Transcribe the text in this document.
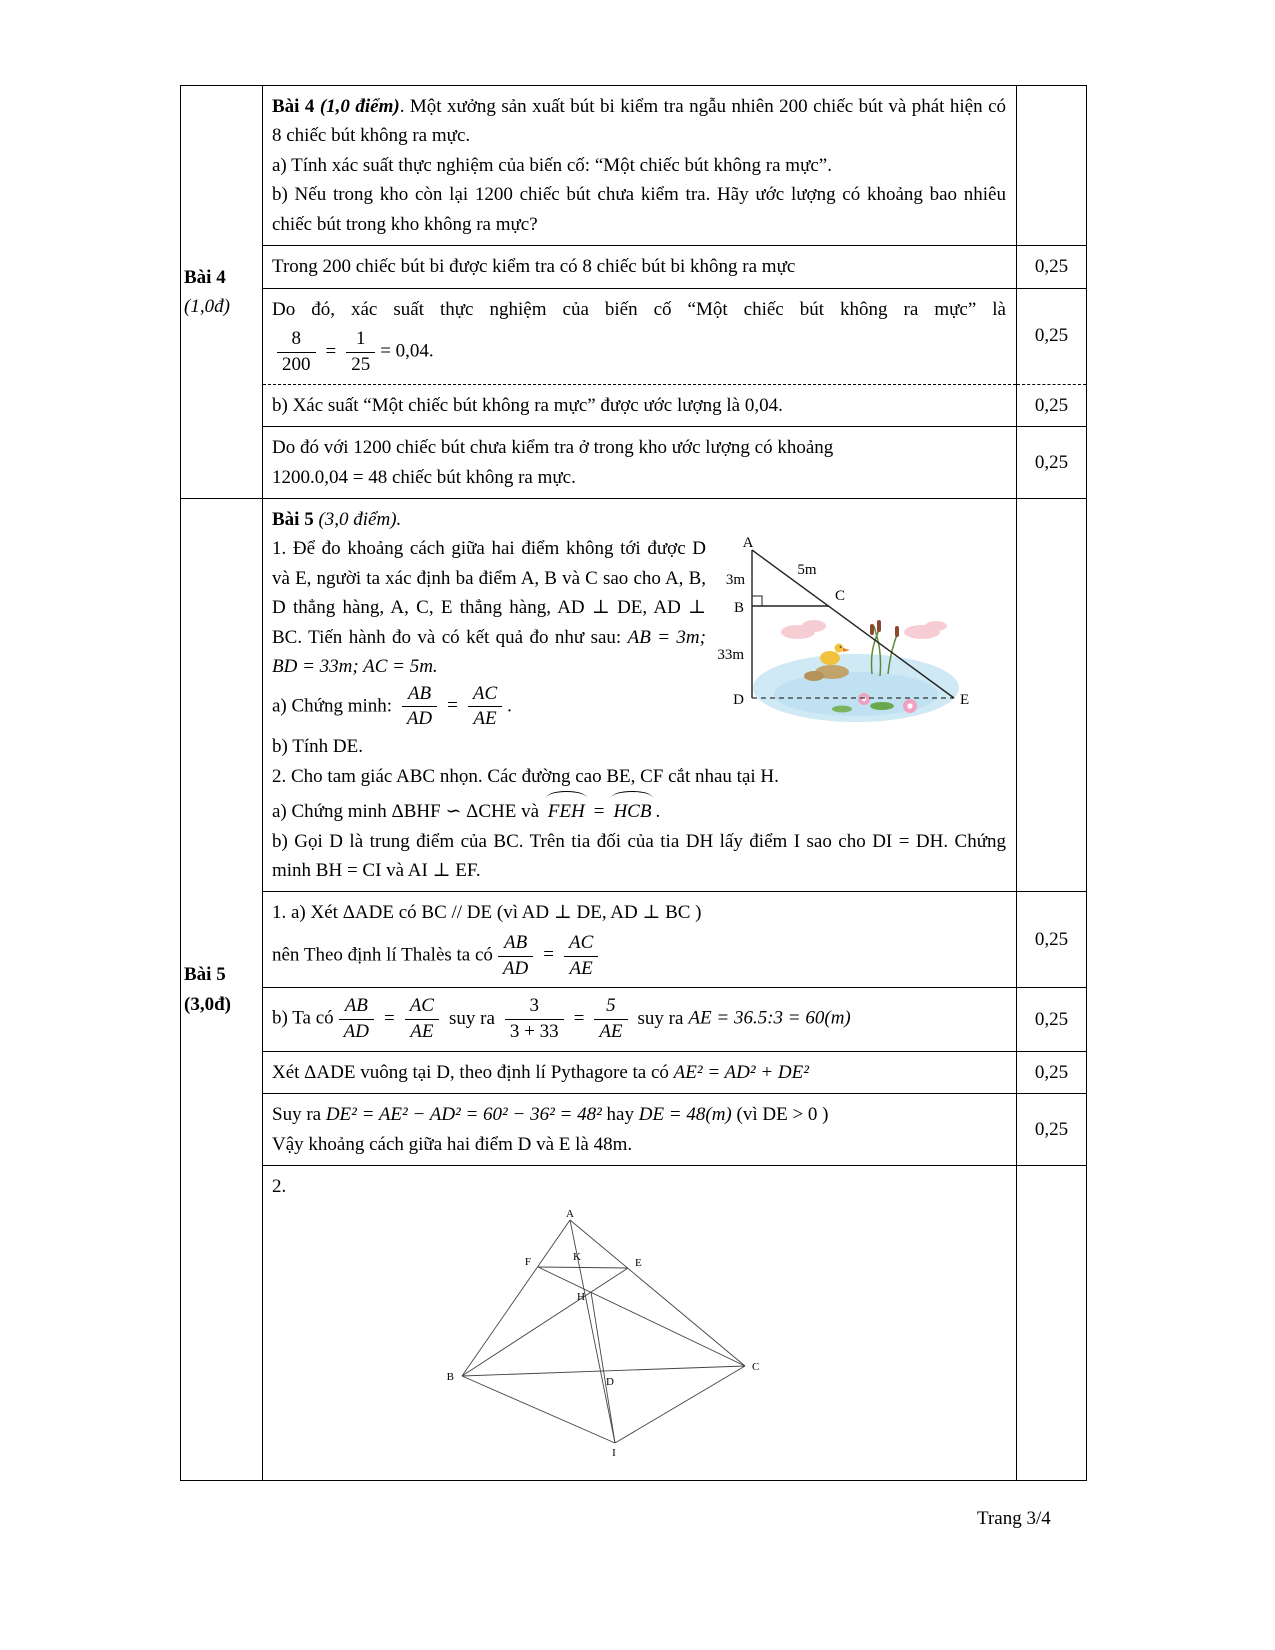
Bài 4
(1,0đ)

Bài 4 (1,0 điểm). Một xưởng sản xuất bút bi kiểm tra ngẫu nhiên 200 chiếc bút và phát hiện có 8 chiếc bút không ra mực.
a) Tính xác suất thực nghiệm của biến cố: “Một chiếc bút không ra mực”.
b) Nếu trong kho còn lại 1200 chiếc bút chưa kiểm tra. Hãy ước lượng có khoảng bao nhiêu chiếc bút trong kho không ra mực?

	Trong 200 chiếc bút bi được kiểm tra có 8 chiếc bút bi không ra mực	0,25

Do đó, xác suất thực nghiệm của biến cố “Một chiếc bút không ra mực” là
$\frac{8}{200} = \frac{1}{25} = 0,04$.
	0,25

	b) Xác suất “Một chiếc bút không ra mực” được ước lượng là 0,04.	0,25

	Do đó với 1200 chiếc bút chưa kiểm tra ở trong kho ước lượng có khoảng
1200.0,04 = 48 chiếc bút không ra mực.	0,25

Bài 5
(3,0đ)

Bài 5 (3,0 điểm).
A
3m
5m
B
C
33m
D	E
1. Để đo khoảng cách giữa hai điểm không tới được D và E, người ta xác định ba điểm A, B và C sao cho A, B, D thẳng hàng, A, C, E thẳng hàng, AD ⊥ DE, AD ⊥ BC. Tiến hành đo và có kết quả đo như sau: AB = 3m; BD = 33m; AC = 5m.
a) Chứng minh: $\frac{AB}{AD} = \frac{AC}{AE}$ .
b) Tính DE.
2. Cho tam giác ABC nhọn. Các đường cao BE, CF cắt nhau tại H.
a) Chứng minh ΔBHF ∽ ΔCHE và FEH = HCB .
b) Gọi D là trung điểm của BC. Trên tia đối của tia DH lấy điểm I sao cho DI = DH. Chứng minh BH = CI và AI ⊥ EF.

1. a) Xét ΔADE có BC // DE (vì AD ⊥ DE, AD ⊥ BC )
nên Theo định lí Thalès ta có $\frac{AB}{AD} = \frac{AC}{AE}$	0,25

b) Ta có $\frac{AB}{AD} = \frac{AC}{AE}$ suy ra $\frac{3}{3 + 33} = \frac{5}{AE}$ suy ra AE = 36.5:3 = 60(m)	0,25

	Xét ΔADE vuông tại D, theo định lí Pythagore ta có AE² = AD² + DE²	0,25

	Suy ra DE² = AE² − AD² = 60² − 36² = 48² hay DE = 48(m) (vì DE > 0 )
Vậy khoảng cách giữa hai điểm D và E là 48m.	0,25

2.
A
B
C
D
E
F	K
H
I

Trang 3/4
